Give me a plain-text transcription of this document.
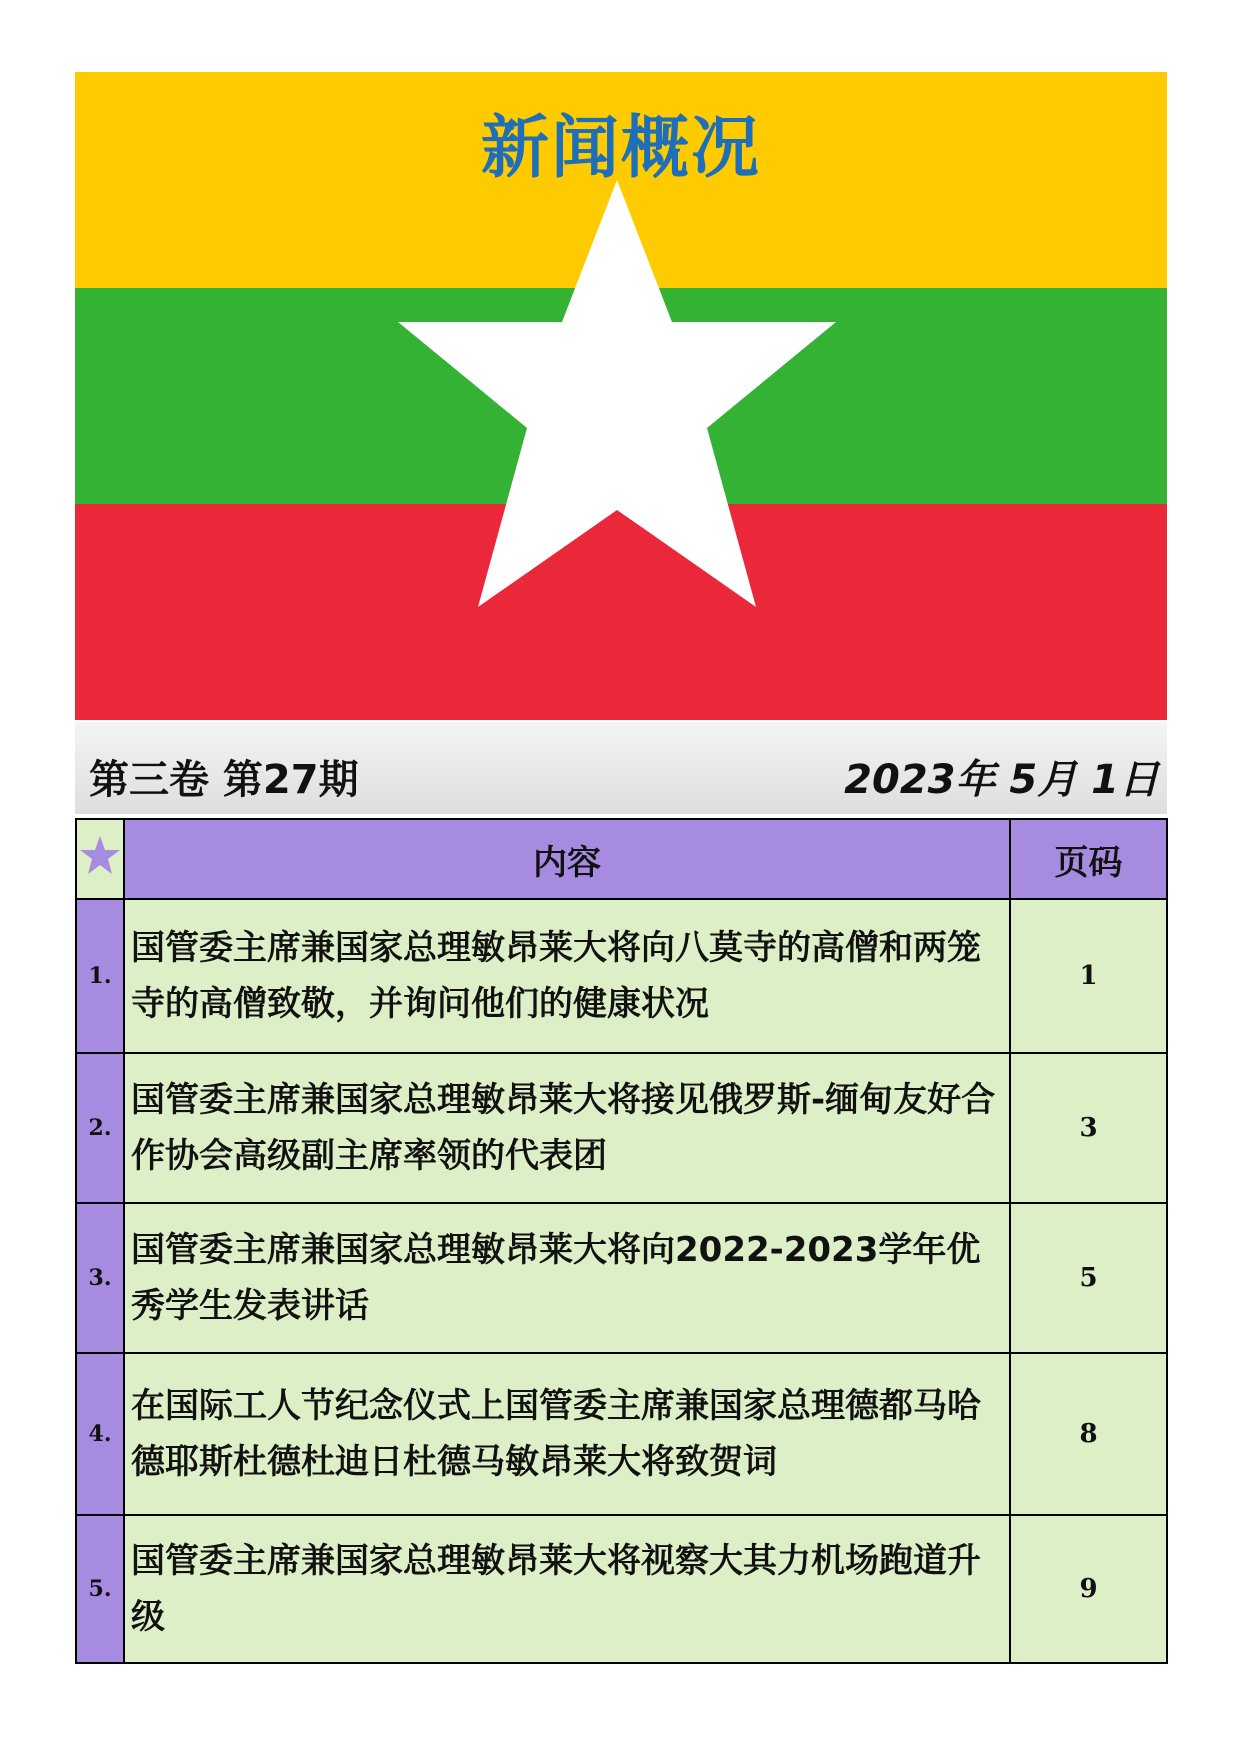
新闻概况
第三卷 第27期	2023年 5月 1日
	内容	页码
1.	国管委主席兼国家总理敏昂莱大将向八莫寺的高僧和两笼寺的高僧致敬，并询问他们的健康状况	1
2.	国管委主席兼国家总理敏昂莱大将接见俄罗斯-缅甸友好合作协会高级副主席率领的代表团	3
3.	国管委主席兼国家总理敏昂莱大将向2022-2023学年优秀学生发表讲话	5
4.	在国际工人节纪念仪式上国管委主席兼国家总理德都马哈德耶斯杜德杜迪日杜德马敏昂莱大将致贺词	8
5.	国管委主席兼国家总理敏昂莱大将视察大其力机场跑道升级	9
